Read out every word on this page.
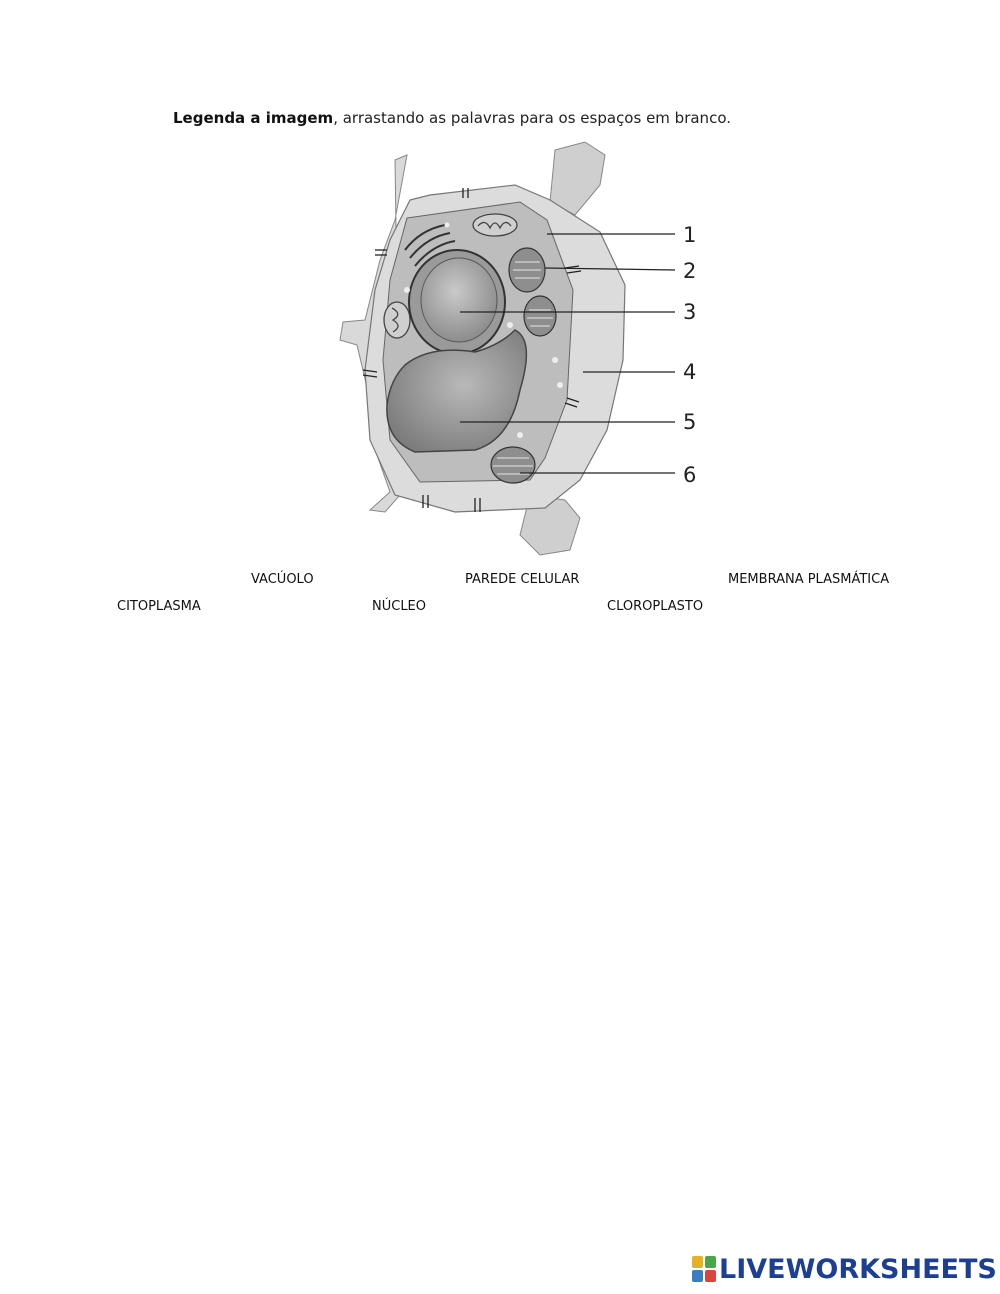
Legenda a imagem, arrastando as palavras para os espaços em branco.
1
2
3
4
5
6
VACÚOLO	PAREDE CELULAR	MEMBRANA PLASMÁTICA
CITOPLASMA	NÚCLEO	CLOROPLASTO
LIVEWORKSHEETS
